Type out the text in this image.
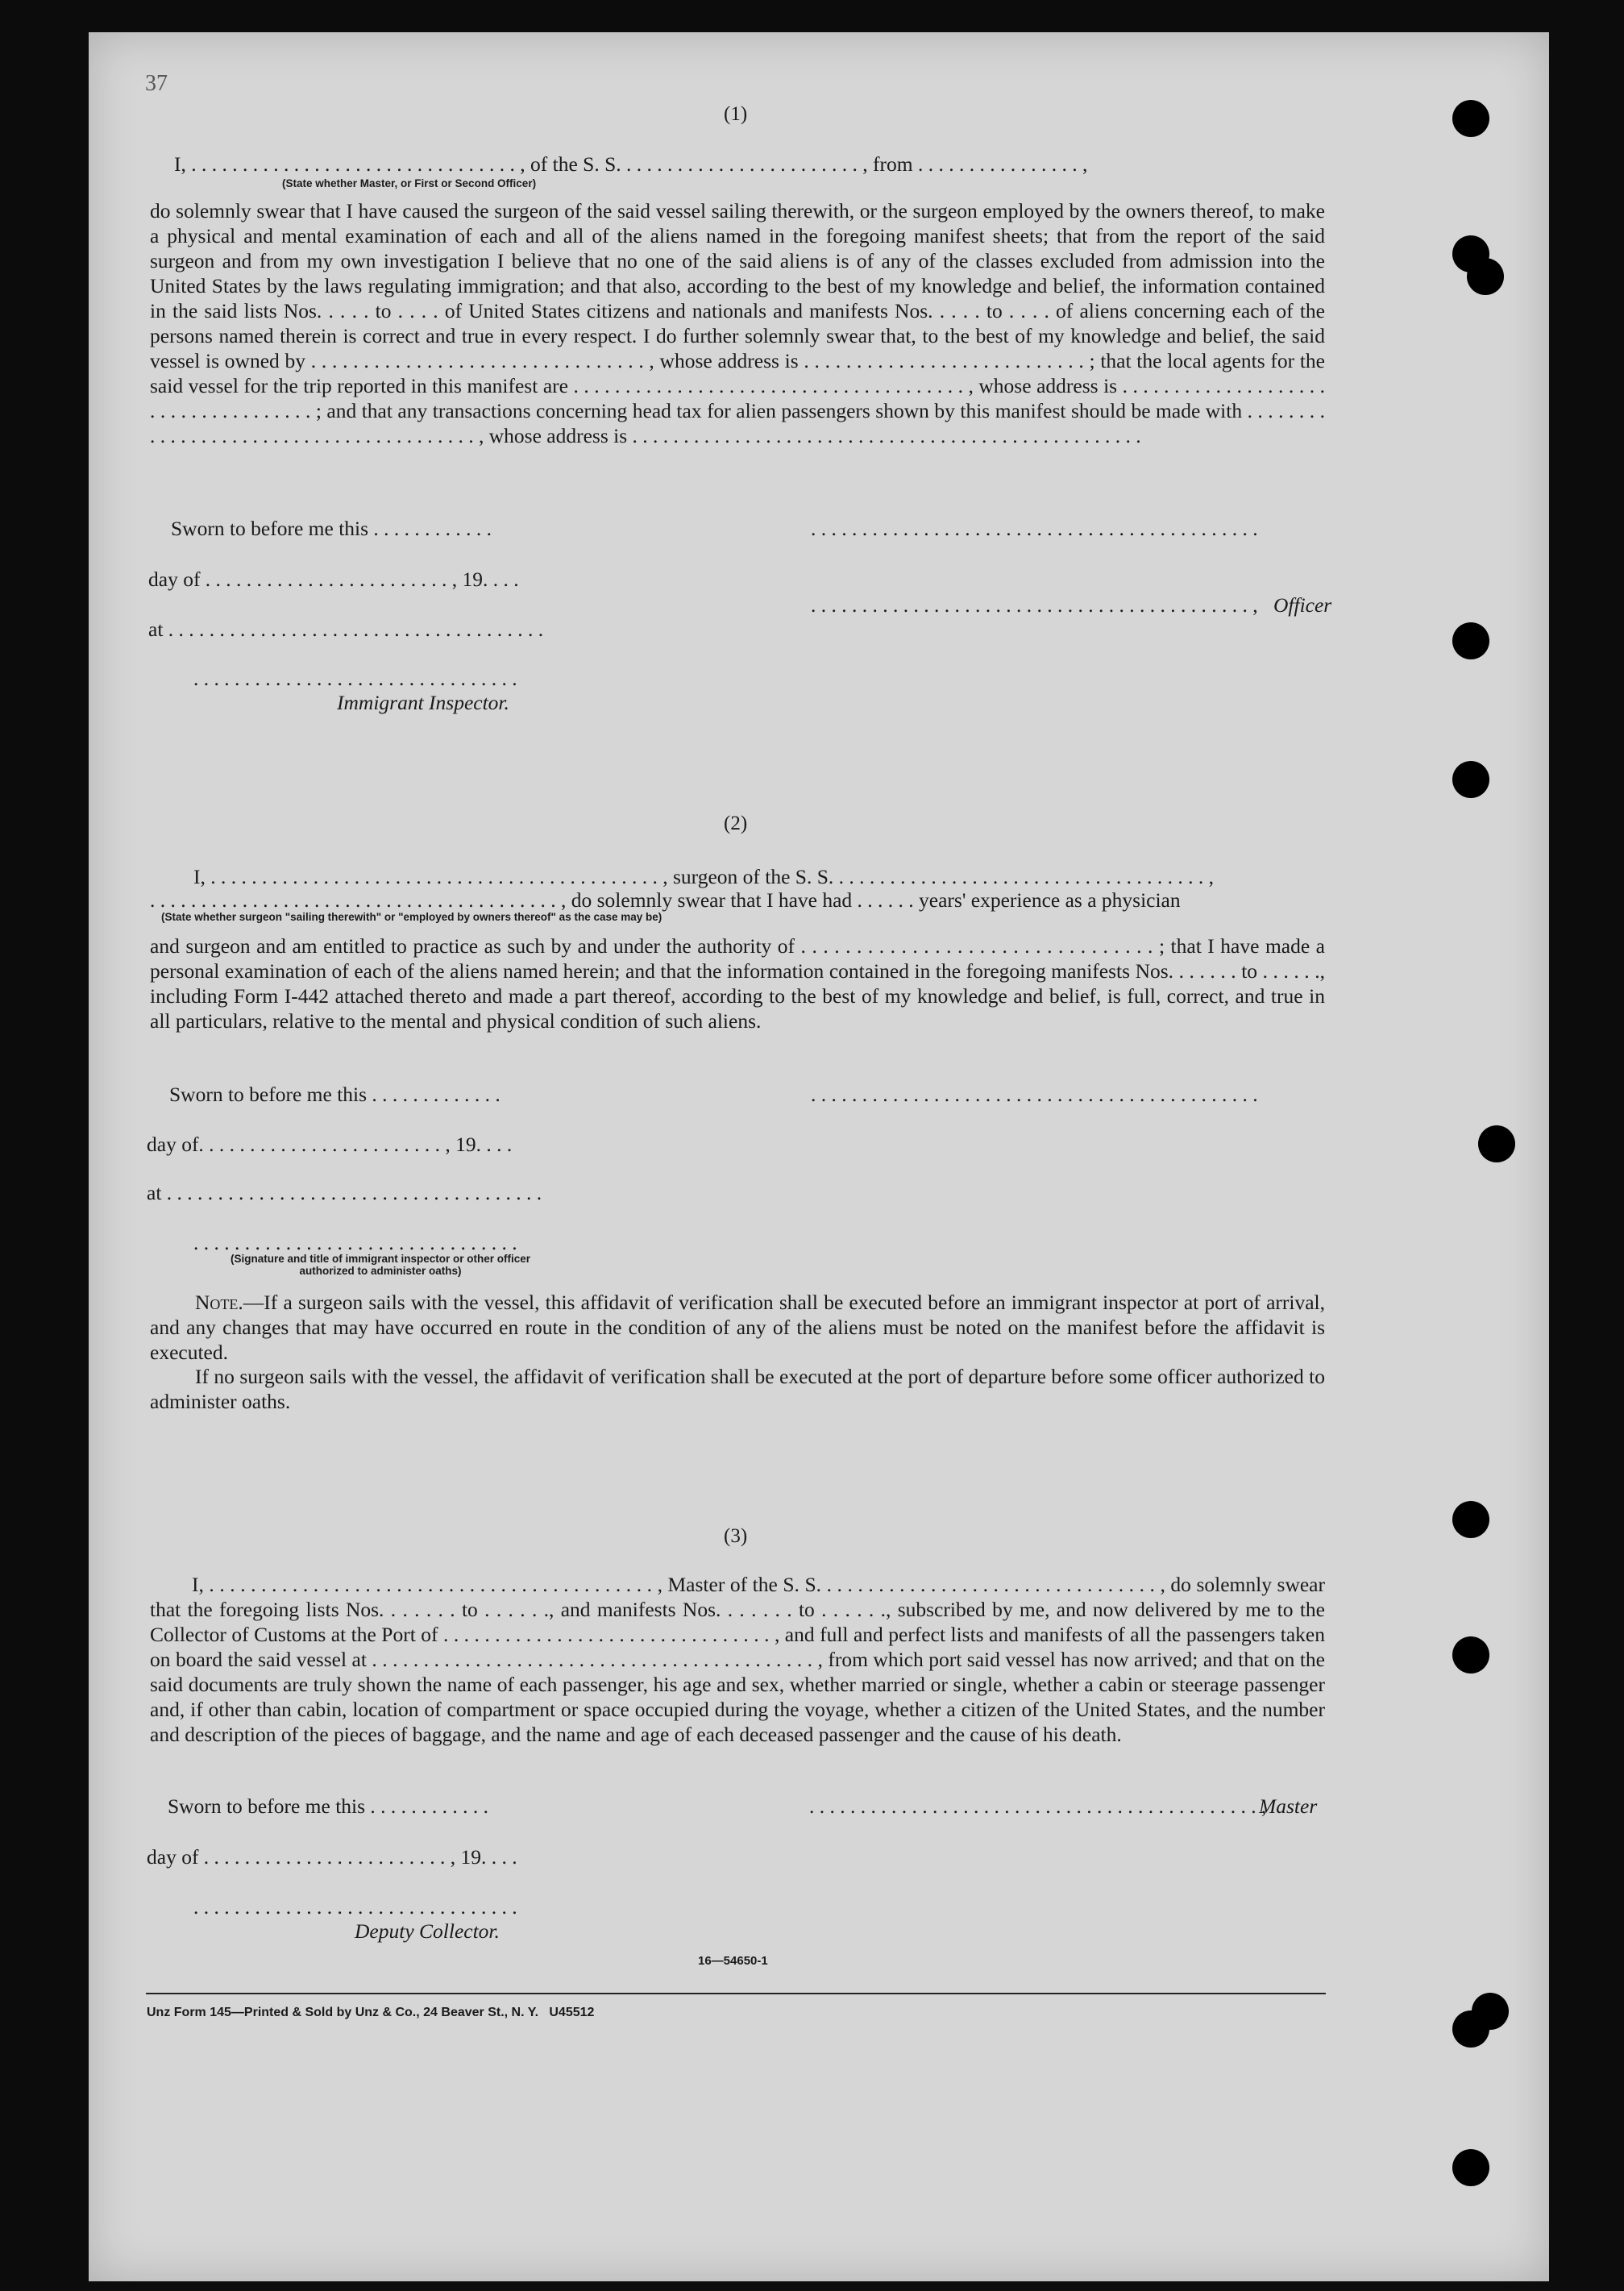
37
(1)
I, . . . . . . . . . . . . . . . . . . . . . . . . . . . . . . . . , of the S. S. . . . . . . . . . . . . . . . . . . . . . . . , from . . . . . . . . . . . . . . . . ,
(State whether Master, or First or Second Officer)
do solemnly swear that I have caused the surgeon of the said vessel sailing therewith, or the surgeon employed by the owners thereof, to make a physical and mental examination of each and all of the aliens named in the foregoing manifest sheets; that from the report of the said surgeon and from my own investigation I believe that no one of the said aliens is of any of the classes excluded from admission into the United States by the laws regulating immigration; and that also, according to the best of my knowledge and belief, the information contained in the said lists Nos. . . . . to . . . . of United States citizens and nationals and manifests Nos. . . . . to . . . . of aliens concerning each of the persons named therein is correct and true in every respect. I do further solemnly swear that, to the best of my knowledge and belief, the said vessel is owned by . . . . . . . . . . . . . . . . . . . . . . . . . . . . . . . . , whose address is . . . . . . . . . . . . . . . . . . . . . . . . . . . ; that the local agents for the said vessel for the trip reported in this manifest are . . . . . . . . . . . . . . . . . . . . . . . . . . . . . . . . . . . . . . , whose address is . . . . . . . . . . . . . . . . . . . . . . . . . . . . . . . . . . . . ; and that any transactions concerning head tax for alien passengers shown by this manifest should be made with . . . . . . . . . . . . . . . . . . . . . . . . . . . . . . . . . . . . . . . . , whose address is . . . . . . . . . . . . . . . . . . . . . . . . . . . . . . . . . . . . . . . . . . . . . . . . . .
Sworn to before me this . . . . . . . . . . . .	. . . . . . . . . . . . . . . . . . . . . . . . . . . . . . . . . . . . . . . . . . . .
day of . . . . . . . . . . . . . . . . . . . . . . . . , 19. . . .
. . . . . . . . . . . . . . . . . . . . . . . . . . . . . . . . . . . . . . . . . . . , Officer
at . . . . . . . . . . . . . . . . . . . . . . . . . . . . . . . . . . . . .
. . . . . . . . . . . . . . . . . . . . . . . . . . . . . . . .
Immigrant Inspector.
(2)
I, . . . . . . . . . . . . . . . . . . . . . . . . . . . . . . . . . . . . . . . . . . . . , surgeon of the S. S. . . . . . . . . . . . . . . . . . . . . . . . . . . . . . . . . . . . . ,
. . . . . . . . . . . . . . . . . . . . . . . . . . . . . . . . . . . . . . . . , do solemnly swear that I have had . . . . . . years' experience as a physician
(State whether surgeon "sailing therewith" or "employed by owners thereof" as the case may be)
and surgeon and am entitled to practice as such by and under the authority of . . . . . . . . . . . . . . . . . . . . . . . . . . . . . . . . ; that I have made a personal examination of each of the aliens named herein; and that the information contained in the foregoing manifests Nos. . . . . . . to . . . . . ., including Form I-442 attached thereto and made a part thereof, according to the best of my knowledge and belief, is full, correct, and true in all particulars, relative to the mental and physical condition of such aliens.
Sworn to before me this . . . . . . . . . . . . .	. . . . . . . . . . . . . . . . . . . . . . . . . . . . . . . . . . . . . . . . . . . .
day of. . . . . . . . . . . . . . . . . . . . . . . . , 19. . . .
at . . . . . . . . . . . . . . . . . . . . . . . . . . . . . . . . . . . . .
. . . . . . . . . . . . . . . . . . . . . . . . . . . . . . . .
(Signature and title of immigrant inspector or other officer authorized to administer oaths)
Note.—If a surgeon sails with the vessel, this affidavit of verification shall be executed before an immigrant inspector at port of arrival, and any changes that may have occurred en route in the condition of any of the aliens must be noted on the manifest before the affidavit is executed.
If no surgeon sails with the vessel, the affidavit of verification shall be executed at the port of departure before some officer authorized to administer oaths.
(3)
I, . . . . . . . . . . . . . . . . . . . . . . . . . . . . . . . . . . . . . . . . . . . , Master of the S. S. . . . . . . . . . . . . . . . . . . . . . . . . . . . . . . . . , do solemnly swear that the foregoing lists Nos. . . . . . . to . . . . . ., and manifests Nos. . . . . . . to . . . . . ., subscribed by me, and now delivered by me to the Collector of Customs at the Port of . . . . . . . . . . . . . . . . . . . . . . . . . . . . . . . . , and full and perfect lists and manifests of all the passengers taken on board the said vessel at . . . . . . . . . . . . . . . . . . . . . . . . . . . . . . . . . . . . . . . . . . . , from which port said vessel has now arrived; and that on the said documents are truly shown the name of each passenger, his age and sex, whether married or single, whether a cabin or steerage passenger and, if other than cabin, location of compartment or space occupied during the voyage, whether a citizen of the United States, and the number and description of the pieces of baggage, and the name and age of each deceased passenger and the cause of his death.
Sworn to before me this . . . . . . . . . . . .	. . . . . . . . . . . . . . . . . . . . . . . . . . . . . . . . . . . . . . . . . . . . ,
Master
day of . . . . . . . . . . . . . . . . . . . . . . . . , 19. . . .
. . . . . . . . . . . . . . . . . . . . . . . . . . . . . . . .
Deputy Collector.
16—54650-1
Unz Form 145—Printed & Sold by Unz & Co., 24 Beaver St., N. Y.   U45512
